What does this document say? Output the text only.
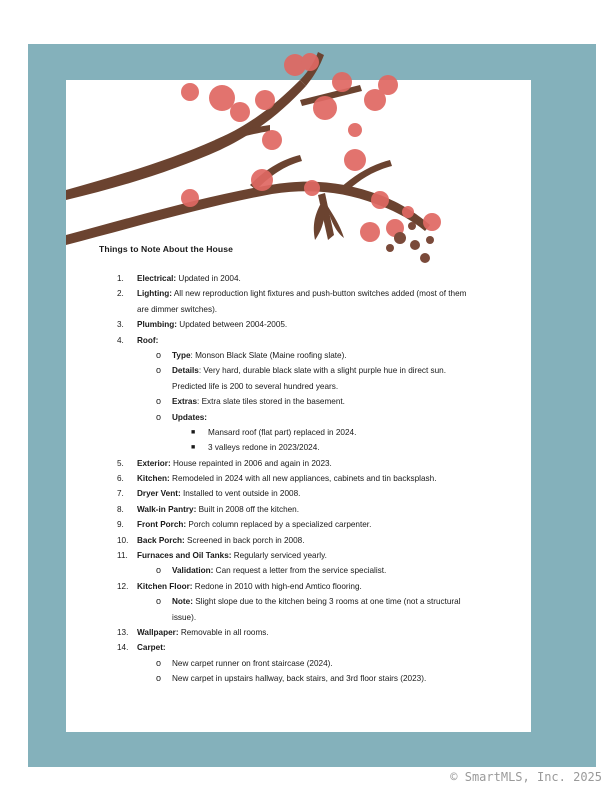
Things to Note About the House
1. Electrical: Updated in 2004.
2. Lighting: All new reproduction light fixtures and push-button switches added (most of them
are dimmer switches).
3. Plumbing: Updated between 2004-2005.
4. Roof:
o Type: Monson Black Slate (Maine roofing slate).
o Details: Very hard, durable black slate with a slight purple hue in direct sun.
Predicted life is 200 to several hundred years.
o Extras: Extra slate tiles stored in the basement.
o Updates:
■ Mansard roof (flat part) replaced in 2024.
■ 3 valleys redone in 2023/2024.
5. Exterior: House repainted in 2006 and again in 2023.
6. Kitchen: Remodeled in 2024 with all new appliances, cabinets and tin backsplash.
7. Dryer Vent: Installed to vent outside in 2008.
8. Walk-in Pantry: Built in 2008 off the kitchen.
9. Front Porch: Porch column replaced by a specialized carpenter.
10. Back Porch: Screened in back porch in 2008.
11. Furnaces and Oil Tanks: Regularly serviced yearly.
o Validation: Can request a letter from the service specialist.
12. Kitchen Floor: Redone in 2010 with high-end Amtico flooring.
o Note: Slight slope due to the kitchen being 3 rooms at one time (not a structural
issue).
13. Wallpaper: Removable in all rooms.
14. Carpet:
o New carpet runner on front staircase (2024).
o New carpet in upstairs hallway, back stairs, and 3rd floor stairs (2023).
© SmartMLS, Inc. 2025
